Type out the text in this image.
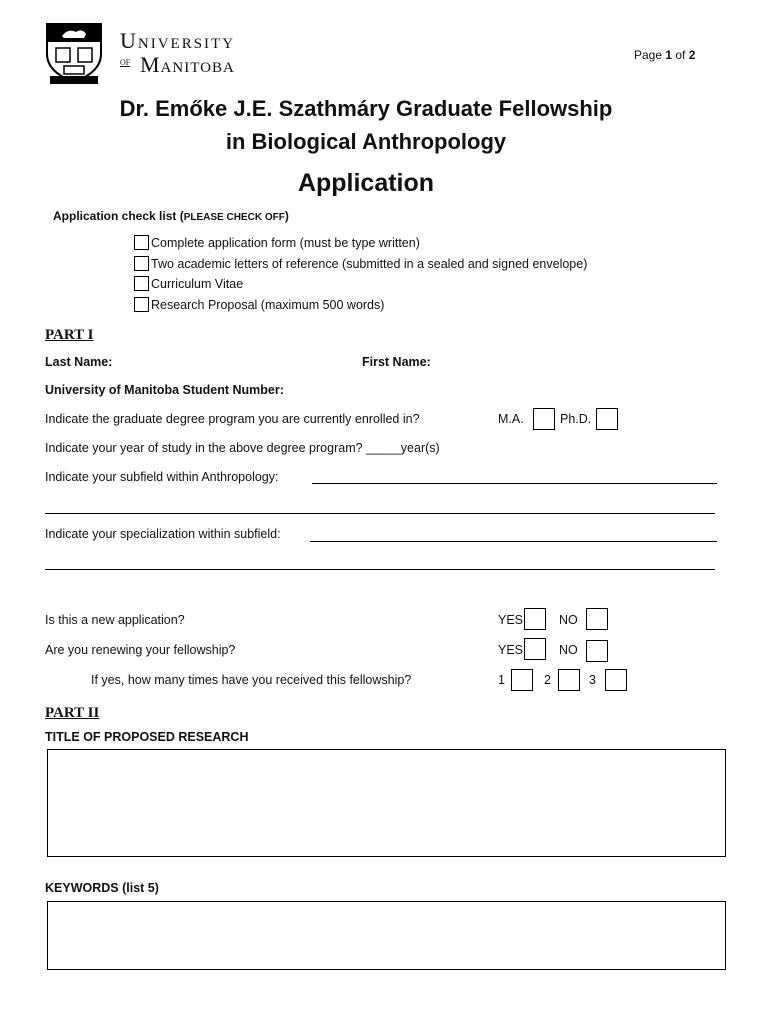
University
of Manitoba	Page 1 of 2
Dr. Emőke J.E. Szathmáry Graduate Fellowship
in Biological Anthropology
Application
Application check list (PLEASE CHECK OFF)
Complete application form (must be type written)
Two academic letters of reference (submitted in a sealed and signed envelope)
Curriculum Vitae
Research Proposal (maximum 500 words)
PART I
Last Name:	First Name:
University of Manitoba Student Number:
Indicate the graduate degree program you are currently enrolled in?	M.A.	Ph.D.
Indicate your year of study in the above degree program? _____year(s)
Indicate your subfield within Anthropology:
Indicate your specialization within subfield:
Is this a new application?	YES	NO
Are you renewing your fellowship?	YES	NO
If yes, how many times have you received this fellowship?	1	2	3
PART II
TITLE OF PROPOSED RESEARCH
KEYWORDS (list 5)
